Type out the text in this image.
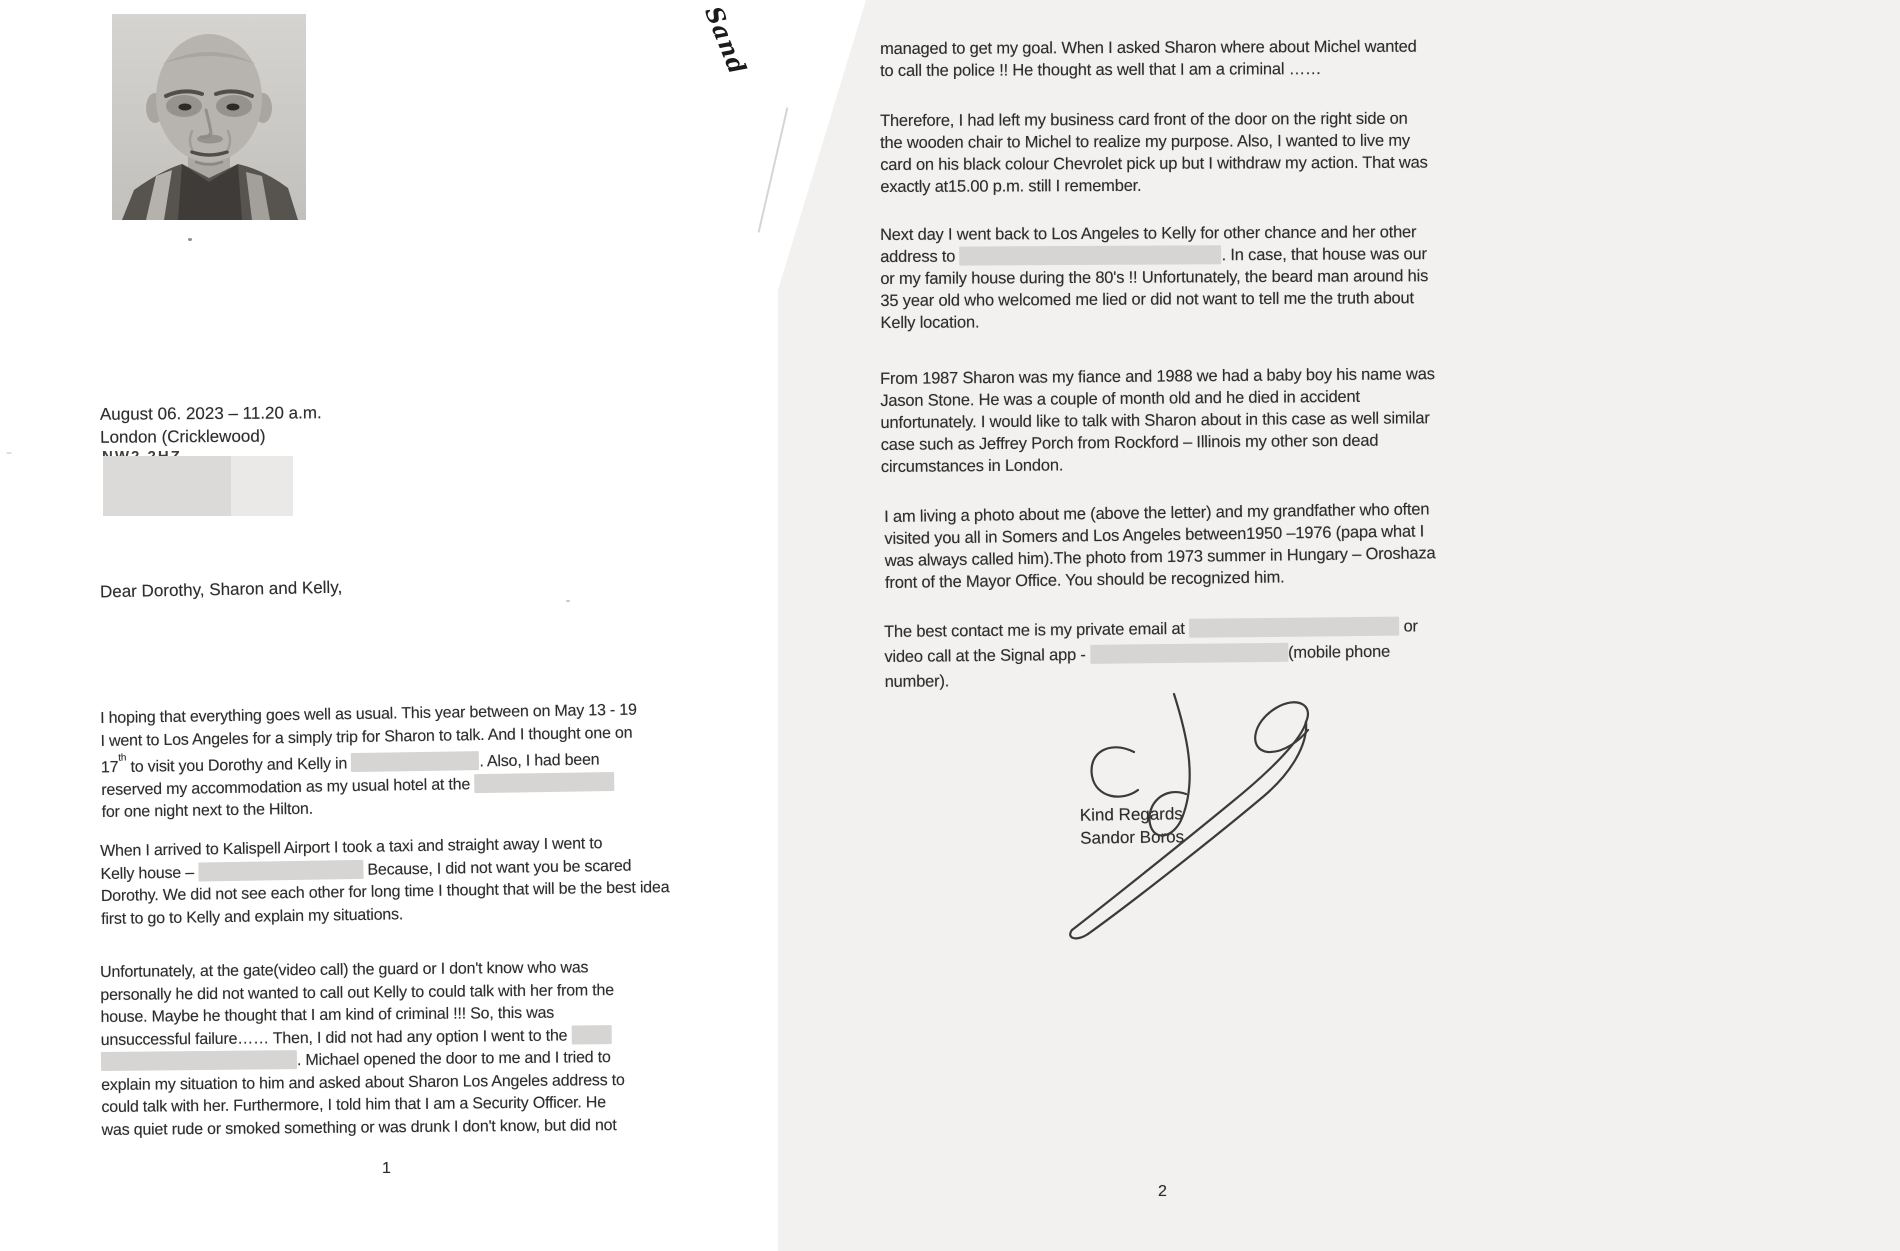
August 06. 2023 – 11.20 a.m.
London (Cricklewood)
Dear Dorothy, Sharon and Kelly,
I hoping that everything goes well as usual. This year between on May 13 - 19
I went to Los Angeles for a simply trip for Sharon to talk. And I thought one on
17th to visit you Dorothy and Kelly in	. Also, I had been
reserved my accommodation as my usual hotel at the
for one night next to the Hilton.
When I arrived to Kalispell Airport I took a taxi and straight away I went to
Kelly house –	Because, I did not want you be scared
Dorothy. We did not see each other for long time I thought that will be the best idea
first to go to Kelly and explain my situations.
Unfortunately, at the gate(video call) the guard or I don't know who was
personally he did not wanted to call out Kelly to could talk with her from the
house. Maybe he thought that I am kind of criminal !!! So, this was
unsuccessful failure…… Then, I did not had any option I went to the
. Michael opened the door to me and I tried to
explain my situation to him and asked about Sharon Los Angeles address to
could talk with her. Furthermore, I told him that I am a Security Officer. He
was quiet rude or smoked something or was drunk I don't know, but did not
1
Sand	managed to get my goal. When I asked Sharon where about Michel wanted
to call the police !! He thought as well that I am a criminal ……
Therefore, I had left my business card front of the door on the right side on
the wooden chair to Michel to realize my purpose. Also, I wanted to live my
card on his black colour Chevrolet pick up but I withdraw my action. That was
exactly at15.00 p.m. still I remember.
Next day I went back to Los Angeles to Kelly for other chance and her other
address to	. In case, that house was our
or my family house during the 80's !! Unfortunately, the beard man around his
35 year old who welcomed me lied or did not want to tell me the truth about
Kelly location.
From 1987 Sharon was my fiance and 1988 we had a baby boy his name was
Jason Stone. He was a couple of month old and he died in accident
unfortunately. I would like to talk with Sharon about in this case as well similar
case such as Jeffrey Porch from Rockford – Illinois my other son dead
circumstances in London.
I am living a photo about me (above the letter) and my grandfather who often
visited you all in Somers and Los Angeles between1950 –1976 (papa what I
was always called him).The photo from 1973 summer in Hungary – Oroshaza
front of the Mayor Office. You should be recognized him.
The best contact me is my private email at	or
video call at the Signal app -	(mobile phone
number).
Kind Regards
Sandor Boros
2
